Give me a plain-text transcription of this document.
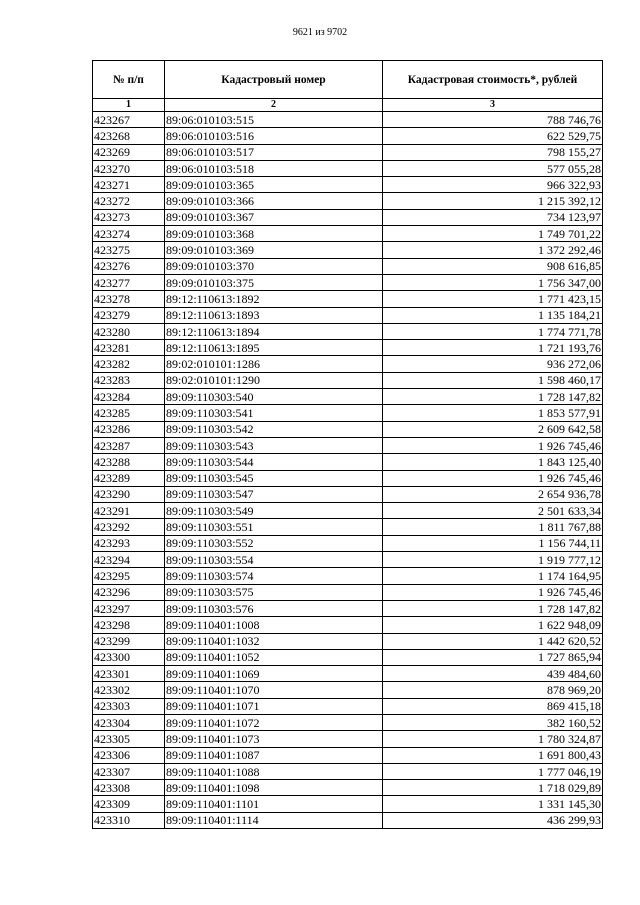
9621 из 9702
№ п/п	Кадастровый номер	Кадастровая стоимость*, рублей
1	2	3
423267	89:06:010103:515	788 746,76
423268	89:06:010103:516	622 529,75
423269	89:06:010103:517	798 155,27
423270	89:06:010103:518	577 055,28
423271	89:09:010103:365	966 322,93
423272	89:09:010103:366	1 215 392,12
423273	89:09:010103:367	734 123,97
423274	89:09:010103:368	1 749 701,22
423275	89:09:010103:369	1 372 292,46
423276	89:09:010103:370	908 616,85
423277	89:09:010103:375	1 756 347,00
423278	89:12:110613:1892	1 771 423,15
423279	89:12:110613:1893	1 135 184,21
423280	89:12:110613:1894	1 774 771,78
423281	89:12:110613:1895	1 721 193,76
423282	89:02:010101:1286	936 272,06
423283	89:02:010101:1290	1 598 460,17
423284	89:09:110303:540	1 728 147,82
423285	89:09:110303:541	1 853 577,91
423286	89:09:110303:542	2 609 642,58
423287	89:09:110303:543	1 926 745,46
423288	89:09:110303:544	1 843 125,40
423289	89:09:110303:545	1 926 745,46
423290	89:09:110303:547	2 654 936,78
423291	89:09:110303:549	2 501 633,34
423292	89:09:110303:551	1 811 767,88
423293	89:09:110303:552	1 156 744,11
423294	89:09:110303:554	1 919 777,12
423295	89:09:110303:574	1 174 164,95
423296	89:09:110303:575	1 926 745,46
423297	89:09:110303:576	1 728 147,82
423298	89:09:110401:1008	1 622 948,09
423299	89:09:110401:1032	1 442 620,52
423300	89:09:110401:1052	1 727 865,94
423301	89:09:110401:1069	439 484,60
423302	89:09:110401:1070	878 969,20
423303	89:09:110401:1071	869 415,18
423304	89:09:110401:1072	382 160,52
423305	89:09:110401:1073	1 780 324,87
423306	89:09:110401:1087	1 691 800,43
423307	89:09:110401:1088	1 777 046,19
423308	89:09:110401:1098	1 718 029,89
423309	89:09:110401:1101	1 331 145,30
423310	89:09:110401:1114	436 299,93
